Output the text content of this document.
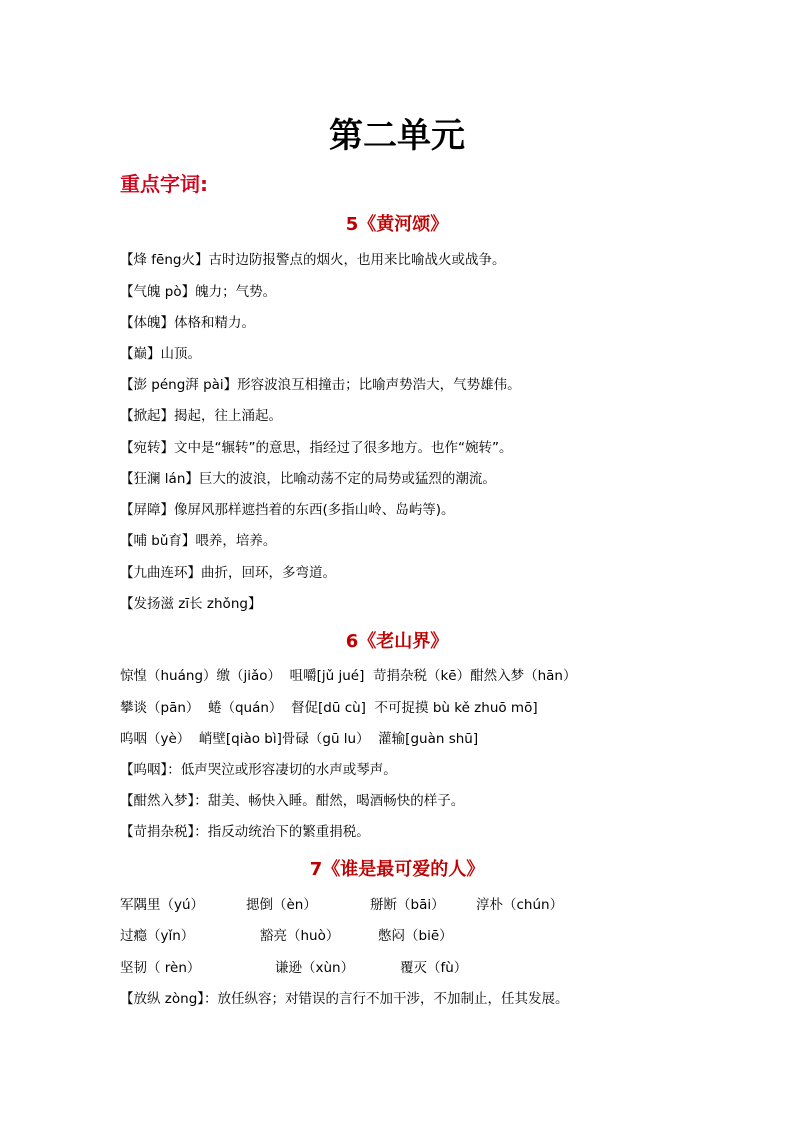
第二单元
重点字词:
5《黄河颂》
【烽 fēng火】古时边防报警点的烟火，也用来比喻战火或战争。
【气魄 pò】魄力；气势。
【体魄】体格和精力。
【巅】山顶。
【澎 péng湃 pài】形容波浪互相撞击；比喻声势浩大，气势雄伟。
【掀起】揭起，往上涌起。
【宛转】文中是“辗转”的意思，指经过了很多地方。也作“婉转”。
【狂澜 lán】巨大的波浪，比喻动荡不定的局势或猛烈的潮流。
【屏障】像屏风那样遮挡着的东西(多指山岭、岛屿等)。
【哺 bǔ育】喂养，培养。
【九曲连环】曲折，回环，多弯道。
【发扬滋 zī长 zhǒng】
6《老山界》
惊惶（huáng）缴（jiǎo）  咀嚼[jǔ jué]  苛捐杂税（kē）酣然入梦（hān）
攀谈（pān）  蜷（quán）  督促[dū cù]  不可捉摸 bù kě zhuō mō]
呜咽（yè）  峭壁[qiào bì]骨碌（gū lu）  灌输[guàn shū]
【呜咽】：低声哭泣或形容凄切的水声或琴声。
【酣然入梦】：甜美、畅快入睡。酣然，喝酒畅快的样子。
【苛捐杂税】：指反动统治下的繁重捐税。
7《谁是最可爱的人》
军隅里（yú）	揌倒（èn）	掰断（bāi） 淳朴（chún）
过瘾（yǐn）	豁亮（huò）	憋闷（biē）
坚韧（ rèn）	谦逊（xùn）	覆灭（fù）
【放纵 zòng】：放任纵容；对错误的言行不加干涉，不加制止，任其发展。
